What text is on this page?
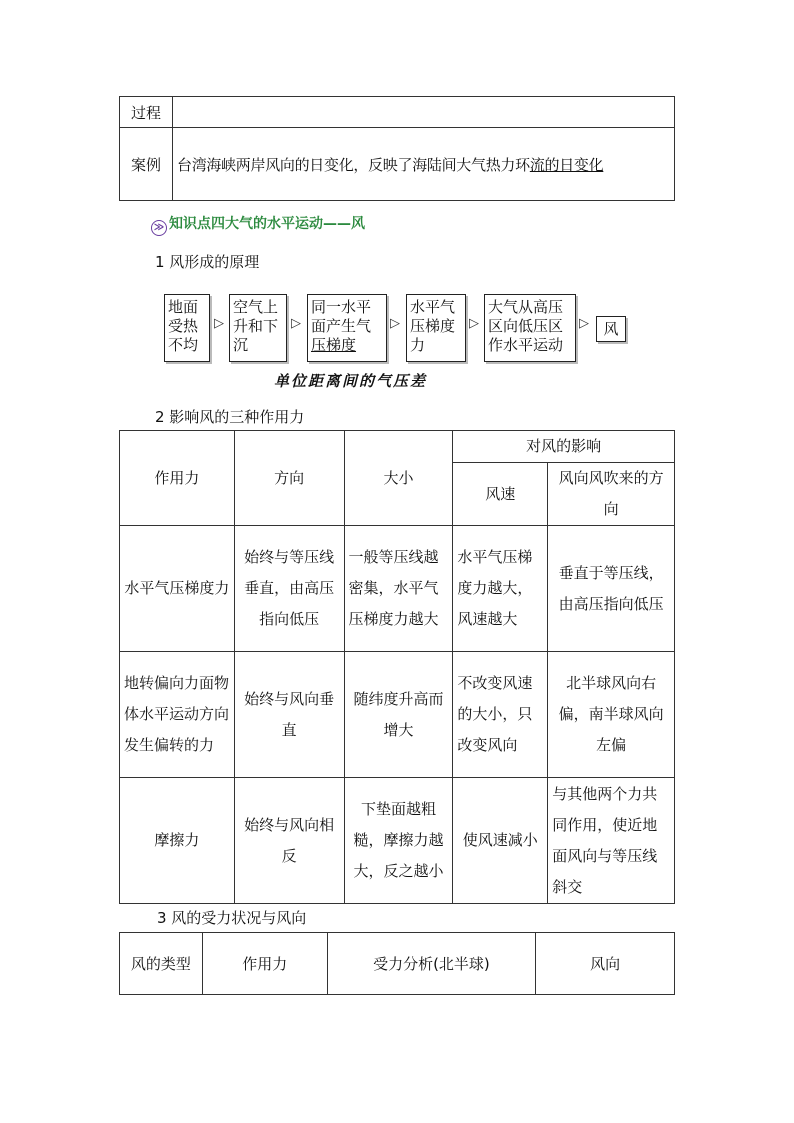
过程	
案例	台湾海峡两岸风向的日变化，反映了海陆间大气热力环流的日变化
≫ 知识点四大气的水平运动——风
1 风形成的原理
地面
受热
不均
▷
空气上
升和下
沉
▷
同一水平
面产生气
压梯度
▷
水平气
压梯度
力
▷
大气从高压
区向低压区
作水平运动
▷ 风
单位距离间的气压差
2 影响风的三种作用力
作用力	方向	大小	对风的影响	
			风速	风向风吹来的方向
水平气压梯度力	始终与等压线垂直，由高压指向低压	一般等压线越密集，水平气压梯度力越大	水平气压梯度力越大，风速越大	垂直于等压线，由高压指向低压
地转偏向力面物体水平运动方向发生偏转的力	始终与风向垂直	随纬度升高而增大	不改变风速的大小，只改变风向	北半球风向右偏，南半球风向左偏
摩擦力	始终与风向相反	下垫面越粗糙，摩擦力越大，反之越小	使风速减小	与其他两个力共同作用，使近地面风向与等压线斜交
3 风的受力状况与风向
风的类型	作用力	受力分析(北半球)	风向
